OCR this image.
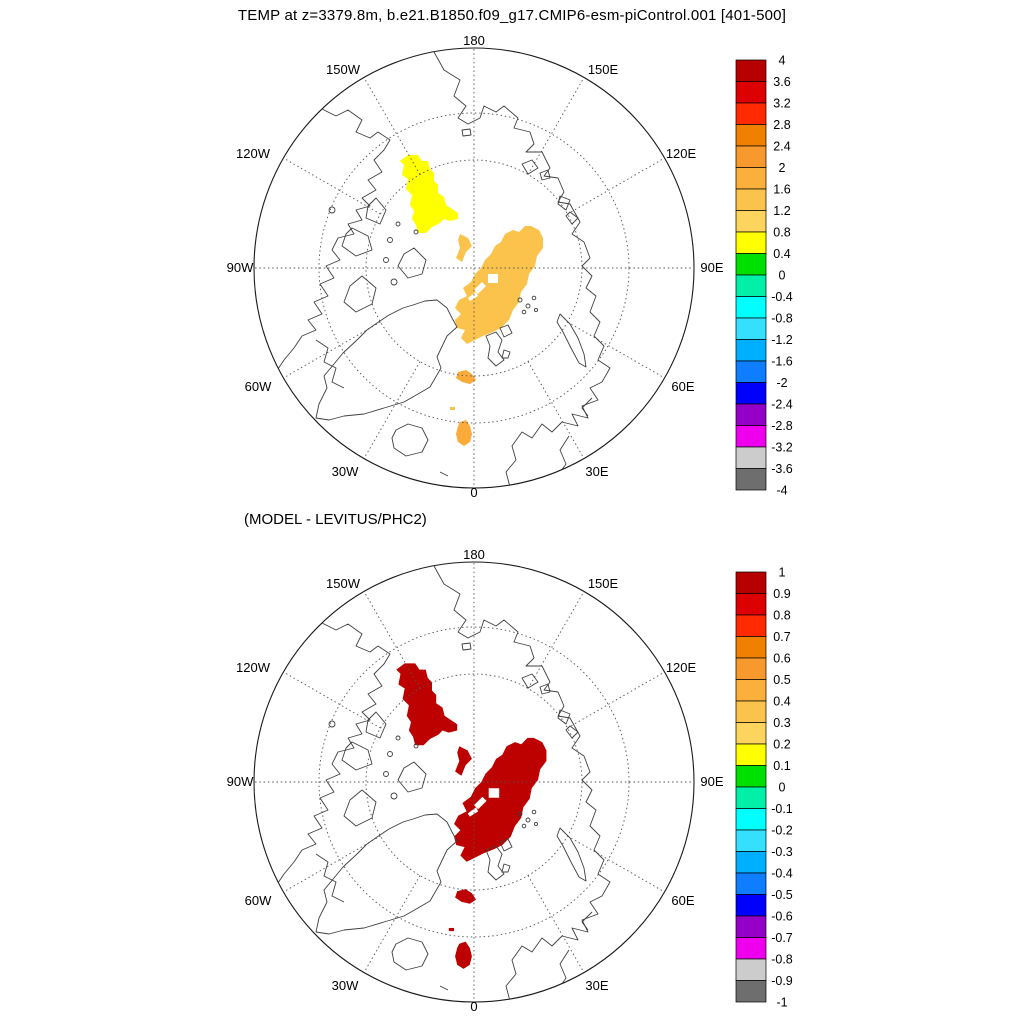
TEMP at z=3379.8m, b.e21.B1850.f09_g17.CMIP6-esm-piControl.001 [401-500]
(MODEL - LEVITUS/PHC2)
180
150E
120E
90E
60E
30E
0
30W
60W
90W
120W
150W
4
3.6
3.2
2.8
2.4
2
1.6
1.2
0.8
0.4
0
-0.4
-0.8
-1.2
-1.6
-2
-2.4
-2.8
-3.2
-3.6
-4
180
150E
120E
90E
60E
30E
0
30W
60W
90W
120W
150W
1
0.9
0.8
0.7
0.6
0.5
0.4
0.3
0.2
0.1
0
-0.1
-0.2
-0.3
-0.4
-0.5
-0.6
-0.7
-0.8
-0.9
-1
